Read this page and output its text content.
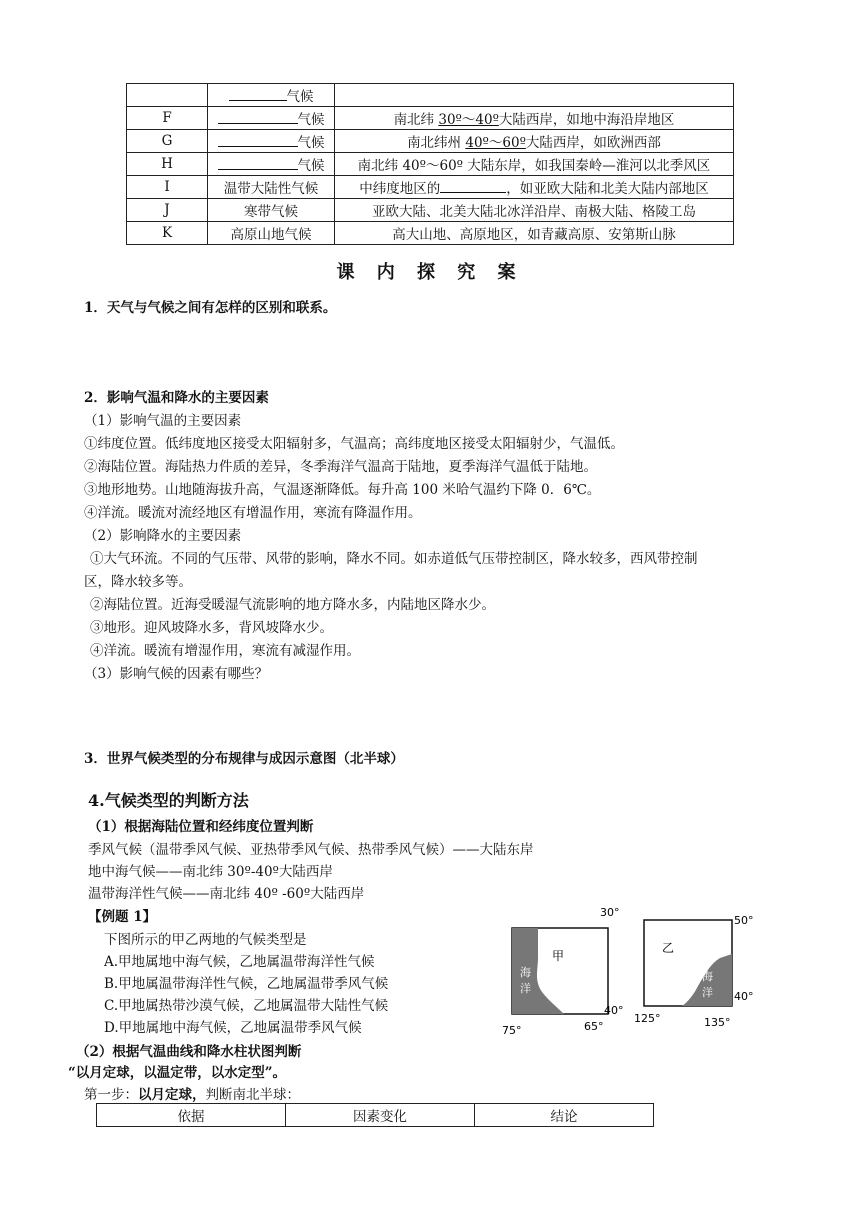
	气候	
F	气候	南北纬 30º～40º大陆西岸，如地中海沿岸地区
G	气候	南北纬州 40º～60º大陆西岸，如欧洲西部
H	气候	南北纬 40º～60º 大陆东岸，如我国秦岭—淮河以北季风区
I	温带大陆性气候	中纬度地区的 ，如亚欧大陆和北美大陆内部地区
J	寒带气候	亚欧大陆、北美大陆北冰洋沿岸、南极大陆、格陵工岛
K	高原山地气候	高大山地、高原地区，如青藏高原、安第斯山脉
课 内 探 究 案
1．天气与气候之间有怎样的区别和联系。
2．影响气温和降水的主要因素
（1）影响气温的主要因素
①纬度位置。低纬度地区接受太阳辐射多，气温高；高纬度地区接受太阳辐射少，气温低。
②海陆位置。海陆热力件质的差异，冬季海洋气温高于陆地，夏季海洋气温低于陆地。
③地形地势。山地随海拔升高，气温逐渐降低。每升高 100 米哈气温约下降 0．6℃。
④洋流。暖流对流经地区有增温作用，寒流有降温作用。
（2）影响降水的主要因素
①大气环流。不同的气压带、风带的影响，降水不同。如赤道低气压带控制区，降水较多，西风带控制
区，降水较多等。
②海陆位置。近海受暖湿气流影响的地方降水多，内陆地区降水少。
③地形。迎风坡降水多，背风坡降水少。
④洋流。暖流有增湿作用，寒流有减湿作用。
（3）影响气候的因素有哪些？
3．世界气候类型的分布规律与成因示意图（北半球）
4.气候类型的判断方法
（1）根据海陆位置和经纬度位置判断
季风气候（温带季风气候、亚热带季风气候、热带季风气候）——大陆东岸
地中海气候——南北纬 30º-40º大陆西岸
温带海洋性气候——南北纬 40º -60º大陆西岸
【例题 1】
下图所示的甲乙两地的气候类型是
A.甲地属地中海气候，乙地属温带海洋性气候
B.甲地属温带海洋性气候，乙地属温带季风气候
C.甲地属热带沙漠气候，乙地属温带大陆性气候
D.甲地属地中海气候，乙地属温带季风气候
30°
40°
75°	65°
甲
海
洋
50°
40°
125°	135°
乙
海
洋
（2）根据气温曲线和降水柱状图判断
“以月定球，以温定带，以水定型”。
第一步：以月定球，判断南北半球：
依据	因素变化	结论
